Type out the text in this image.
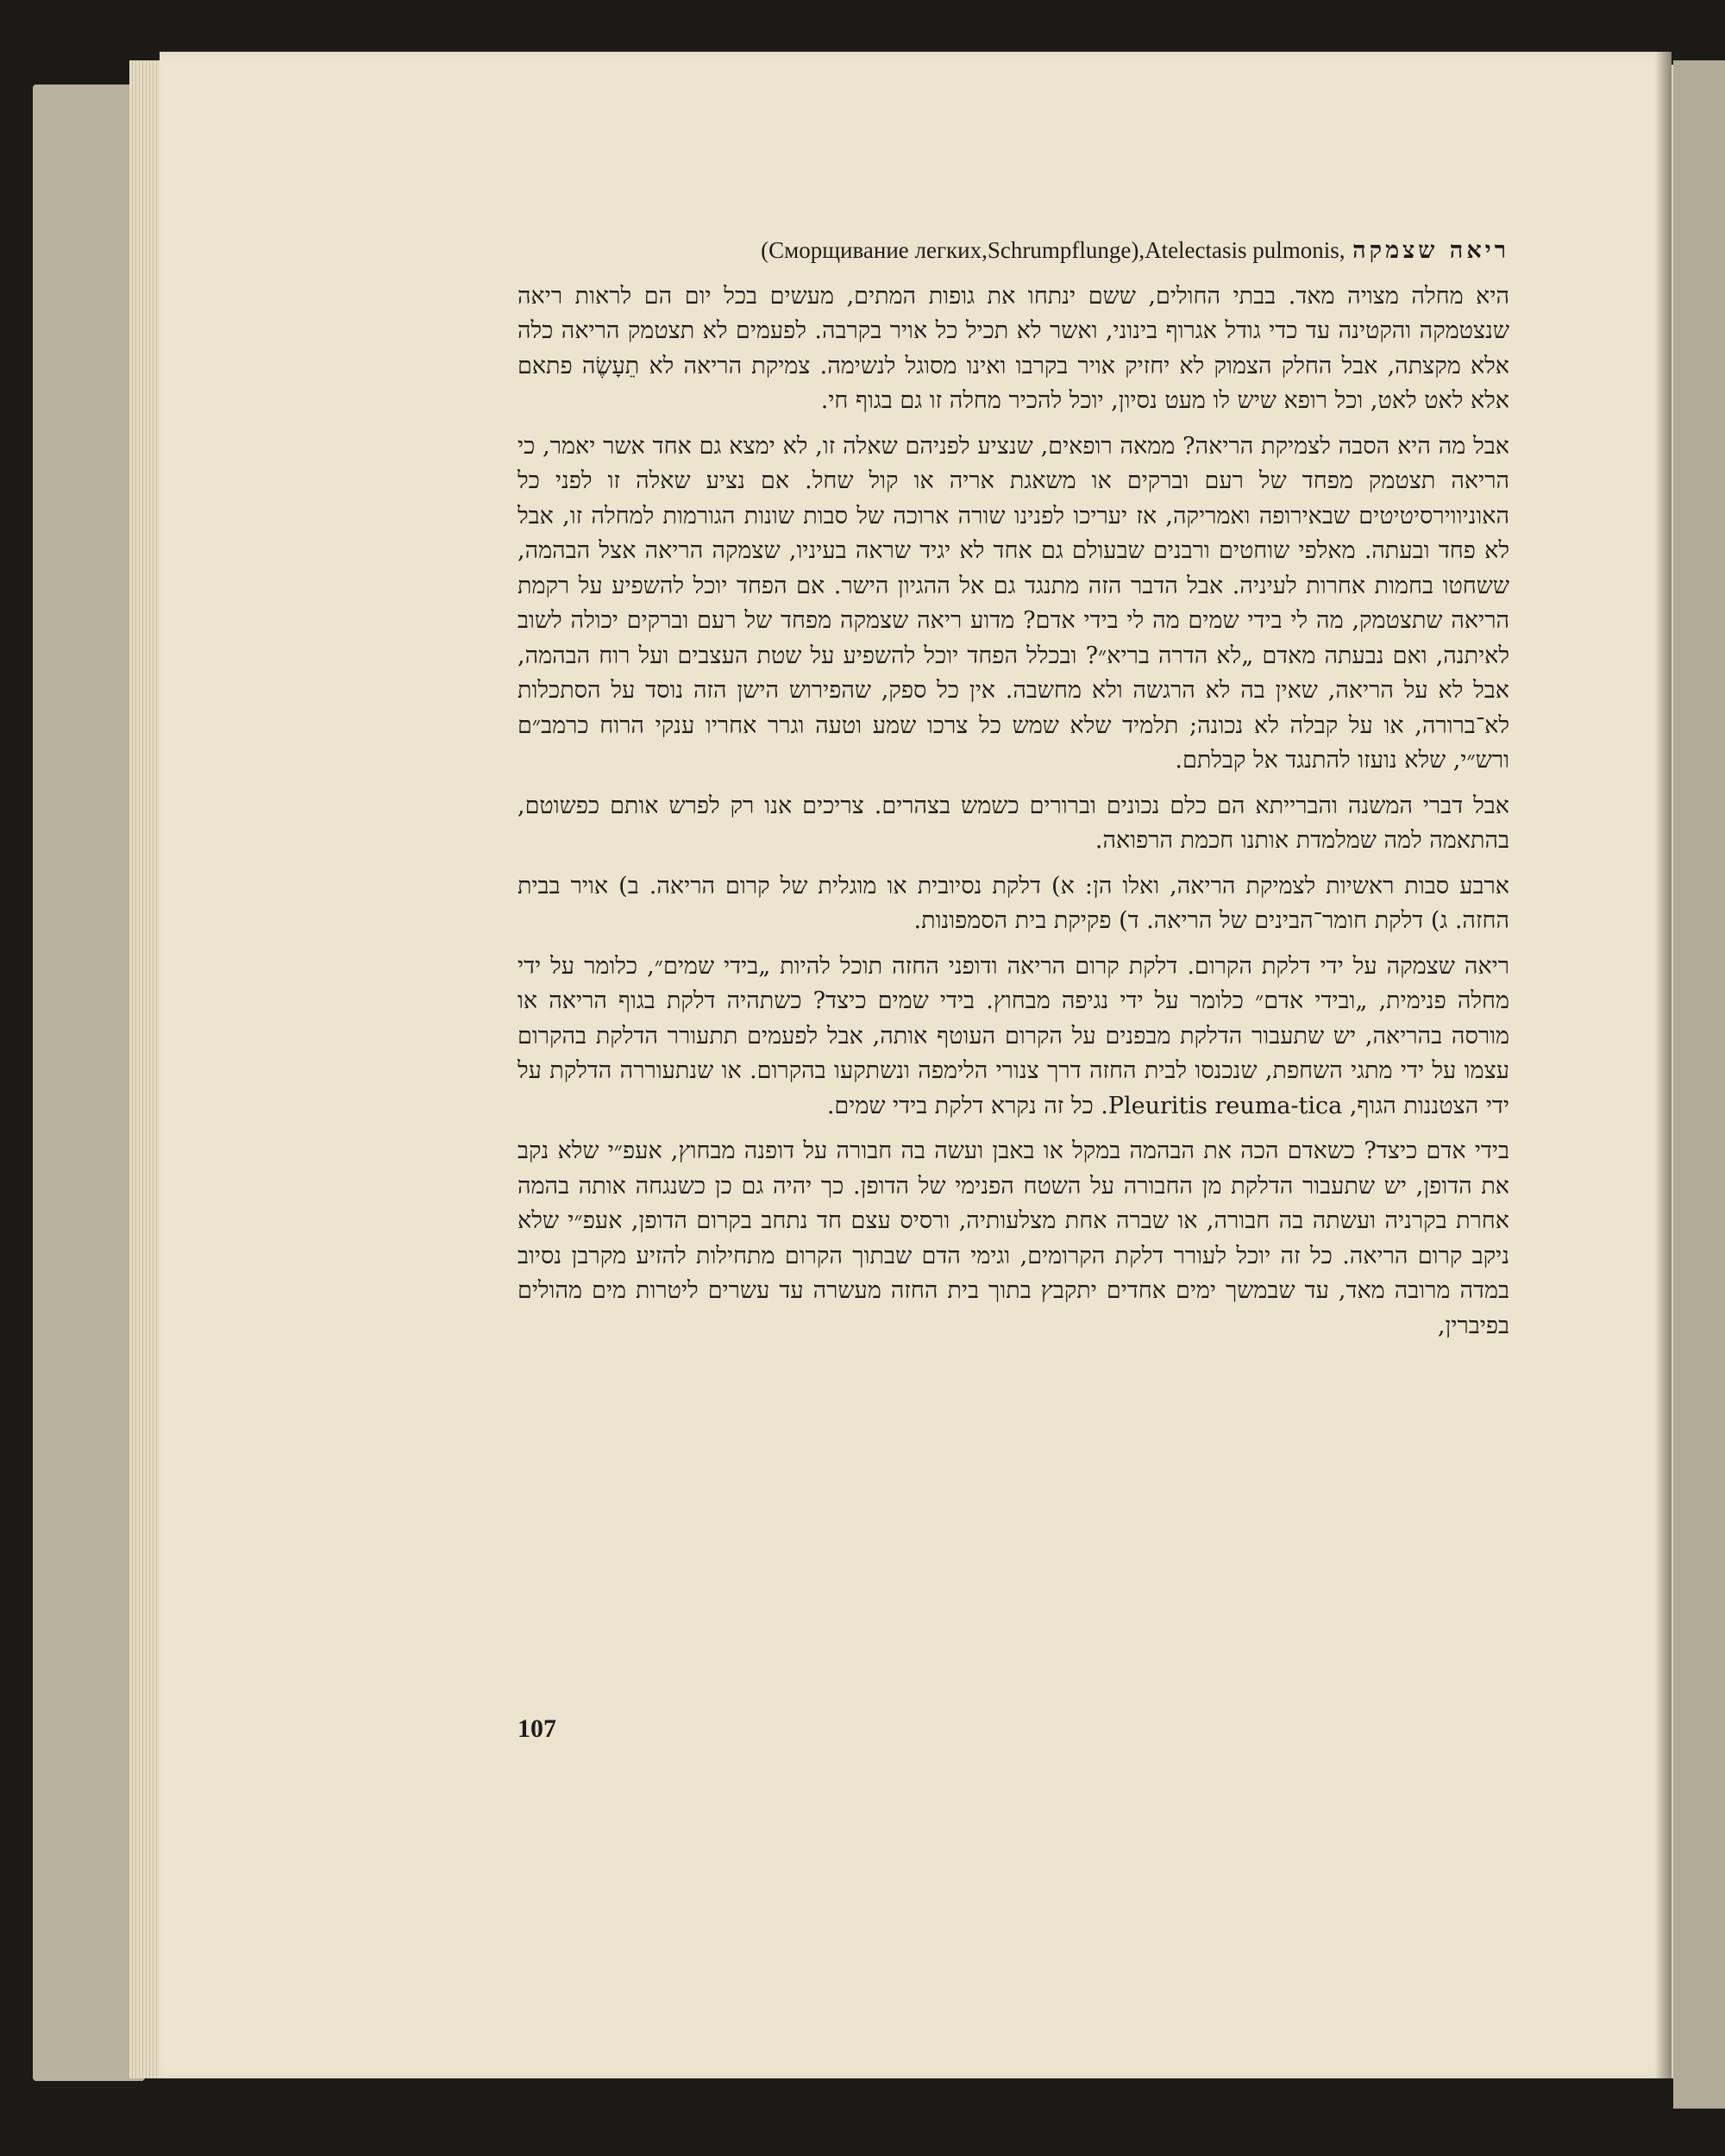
ריאה שצמקה (Сморщивание легких,Schrumpflunge),Atelectasis pulmonis,

היא מחלה מצויה מאד. בבתי החולים, ששם ינתחו את גופות המתים, מעשים בכל יום הם לראות ריאה שנצטמקה והקטינה עד כדי גודל אגרוף בינוני, ואשר לא תכיל כל אויר בקרבה. לפעמים לא תצטמק הריאה כלה אלא מקצתה, אבל החלק הצמוק לא יחזיק אויר בקרבו ואינו מסוגל לנשימה. צמיקת הריאה לא תֵעָשֶׂה פתאם אלא לאט לאט, וכל רופא שיש לו מעט נסיון, יוכל להכיר מחלה זו גם בגוף חי.

אבל מה היא הסבה לצמיקת הריאה? ממאה רופאים, שנציע לפניהם שאלה זו, לא ימצא גם אחד אשר יאמר, כי הריאה תצטמק מפחד של רעם וברקים או משאגת אריה או קול שחל. אם נציע שאלה זו לפני כל האוניווירסיטיטים שבאירופה ואמריקה, אז יעריכו לפנינו שורה ארוכה של סבות שונות הגורמות למחלה זו, אבל לא פחד ובעתה. מאלפי שוחטים ורבנים שבעולם גם אחד לא יגיד שראה בעיניו, שצמקה הריאה אצל הבהמה, ששחטו בחמות אחרות לעיניה. אבל הדבר הזה מתנגד גם אל ההגיון הישר. אם הפחד יוכל להשפיע על רקמת הריאה שתצטמק, מה לי בידי שמים מה לי בידי אדם? מדוע ריאה שצמקה מפחד של רעם וברקים יכולה לשוב לאיתנה, ואם נבעתה מאדם „לא הדרה בריא״? ובכלל הפחד יוכל להשפיע על שטת העצבים ועל רוח הבהמה, אבל לא על הריאה, שאין בה לא הרגשה ולא מחשבה. אין כל ספק, שהפירוש הישן הזה נוסד על הסתכלות לא־ברורה, או על קבלה לא נכונה; תלמיד שלא שמש כל צרכו שמע וטעה וגרר אחריו ענקי הרוח כרמב״ם ורש״י, שלא נועזו להתנגד אל קבלתם.

אבל דברי המשנה והברייתא הם כלם נכונים וברורים כשמש בצהרים. צריכים אנו רק לפרש אותם כפשוטם, בהתאמה למה שמלמדת אותנו חכמת הרפואה.

ארבע סבות ראשיות לצמיקת הריאה, ואלו הן: א) דלקת נסיובית או מוגלית של קרום הריאה. ב) אויר בבית החזה. ג) דלקת חומר־הבינים של הריאה. ד) פקיקת בית הסמפונות.

ריאה שצמקה על ידי דלקת הקרום. דלקת קרום הריאה ודופני החזה תוכל להיות „בידי שמים״, כלומר על ידי מחלה פנימית, „ובידי אדם״ כלומר על ידי נגיפה מבחוץ. בידי שמים כיצד? כשתהיה דלקת בגוף הריאה או מורסה בהריאה, יש שתעבור הדלקת מבפנים על הקרום העוטף אותה, אבל לפעמים תתעורר הדלקת בהקרום עצמו על ידי מתגי השחפת, שנכנסו לבית החזה דרך צנורי הלימפה ונשתקעו בהקרום. או שנתעוררה הדלקת על ידי הצטננות הגוף, Pleuritis reuma-tica. כל זה נקרא דלקת בידי שמים.

בידי אדם כיצד? כשאדם הכה את הבהמה במקל או באבן ועשה בה חבורה על דופנה מבחוץ, אעפ״י שלא נקב את הדופן, יש שתעבור הדלקת מן החבורה על השטח הפנימי של הדופן. כך יהיה גם כן כשנגחה אותה בהמה אחרת בקרניה ועשתה בה חבורה, או שברה אחת מצלעותיה, ורסיס עצם חד נתחב בקרום הדופן, אעפ״י שלא ניקב קרום הריאה. כל זה יוכל לעורר דלקת הקרומים, וגימי הדם שבתוך הקרום מתחילות להזיע מקרבן נסיוב במדה מרובה מאד, עד שבמשך ימים אחדים יתקבץ בתוך בית החזה מעשרה עד עשרים ליטרות מים מהולים בפיברין,

107
